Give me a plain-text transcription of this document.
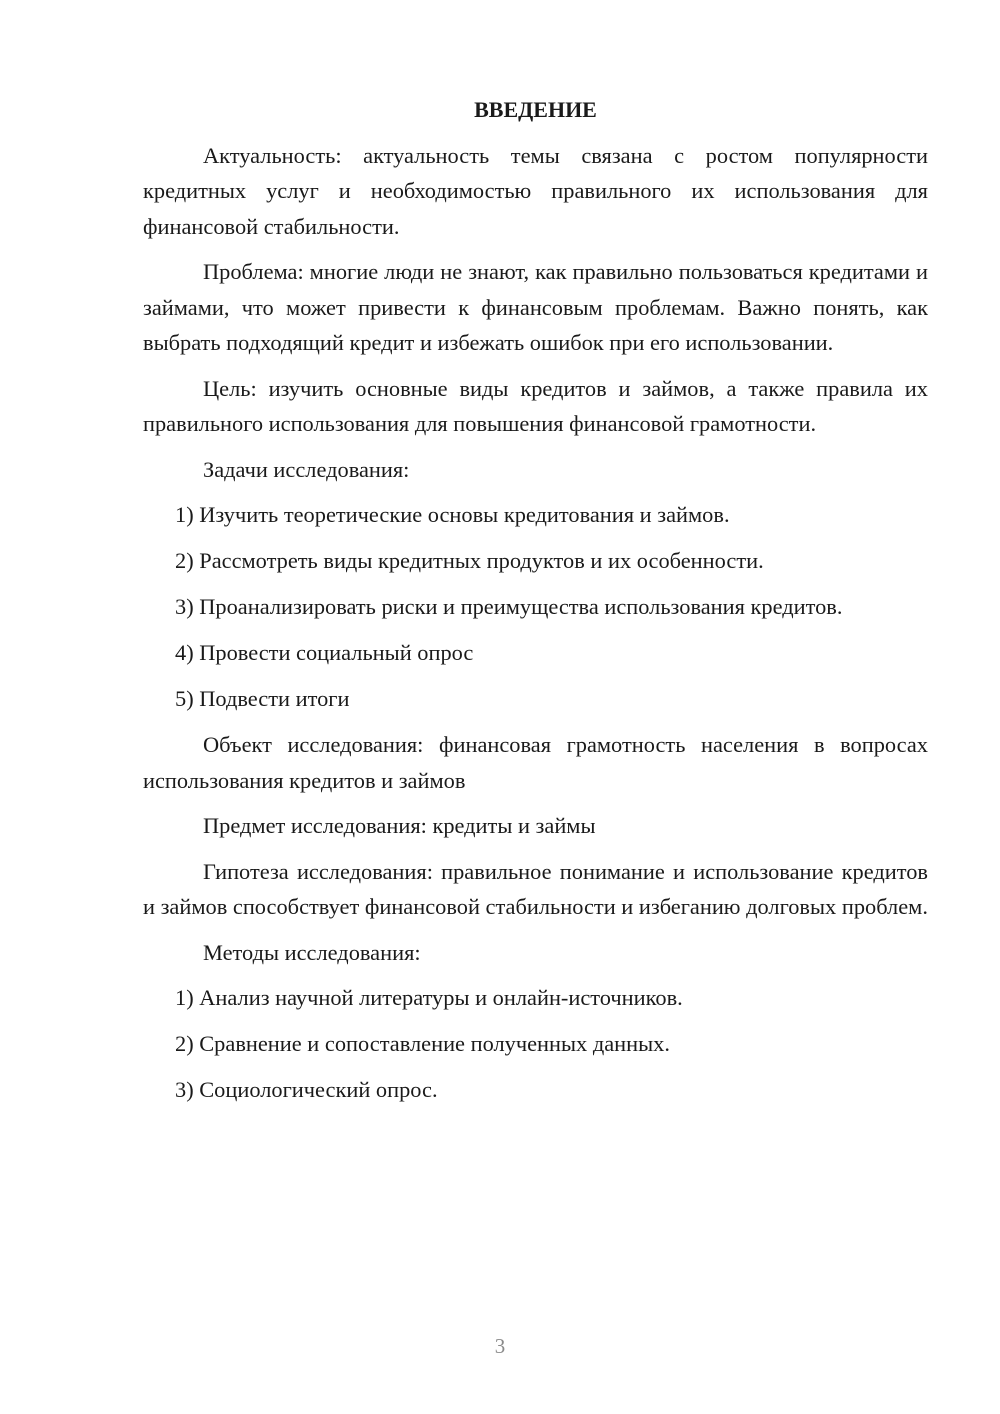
ВВЕДЕНИЕ

Актуальность: актуальность темы связана с ростом популярности кредитных услуг и необходимостью правильного их использования для финансовой стабильности.

Проблема: многие люди не знают, как правильно пользоваться кредитами и займами, что может привести к финансовым проблемам. Важно понять, как выбрать подходящий кредит и избежать ошибок при его использовании.

Цель: изучить основные виды кредитов и займов, а также правила их правильного использования для повышения финансовой грамотности.

Задачи исследования:

1) Изучить теоретические основы кредитования и займов.

2) Рассмотреть виды кредитных продуктов и их особенности.

3) Проанализировать риски и преимущества использования кредитов.

4) Провести социальный опрос

5) Подвести итоги

Объект исследования: финансовая грамотность населения в вопросах использования кредитов и займов

Предмет исследования: кредиты и займы

Гипотеза исследования: правильное понимание и использование кредитов и займов способствует финансовой стабильности и избеганию долговых проблем.

Методы исследования:

1) Анализ научной литературы и онлайн-источников.

2) Сравнение и сопоставление полученных данных.

3) Социологический опрос.

3
